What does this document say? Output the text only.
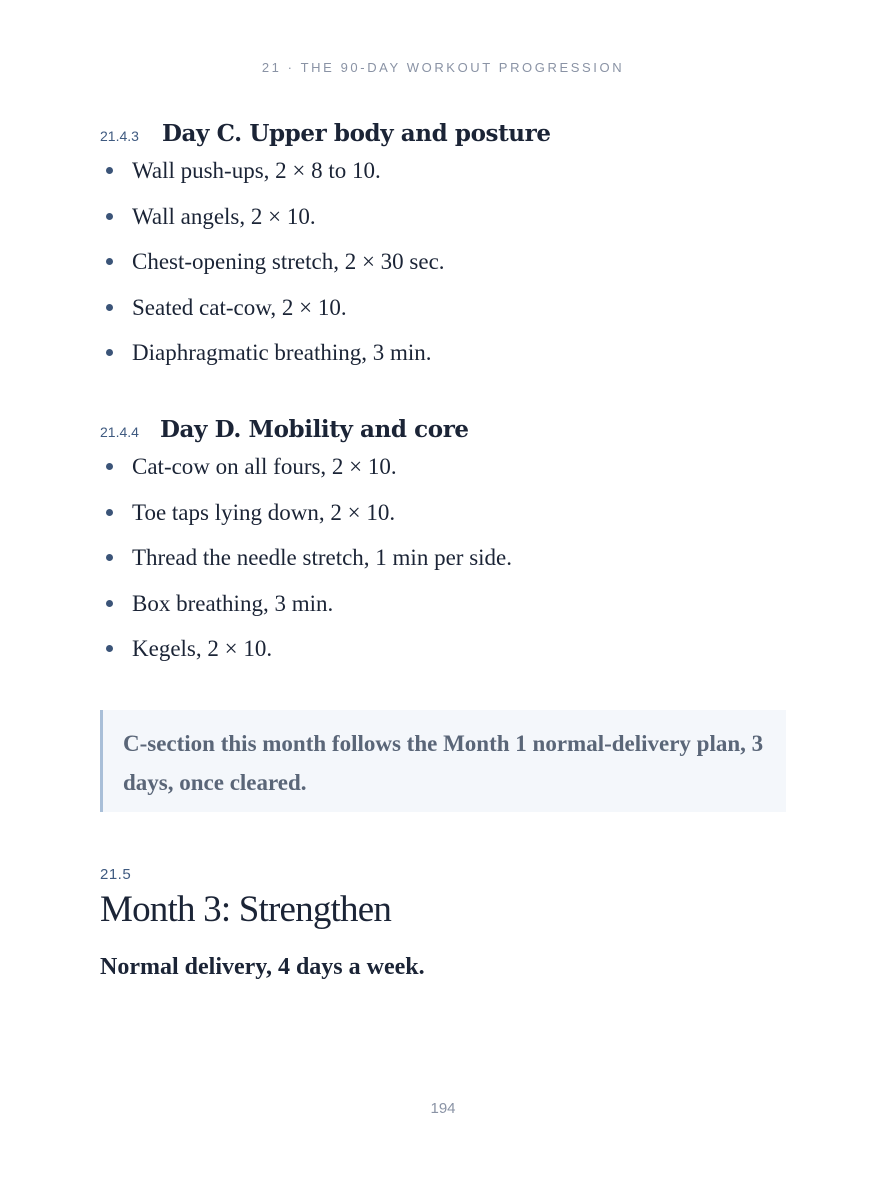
21 · THE 90-DAY WORKOUT PROGRESSION
21.4.3	Day C. Upper body and posture
Wall push-ups, 2 × 8 to 10.
Wall angels, 2 × 10.
Chest-opening stretch, 2 × 30 sec.
Seated cat-cow, 2 × 10.
Diaphragmatic breathing, 3 min.
21.4.4 Day D. Mobility and core
Cat-cow on all fours, 2 × 10.
Toe taps lying down, 2 × 10.
Thread the needle stretch, 1 min per side.
Box breathing, 3 min.
Kegels, 2 × 10.
C-section this month follows the Month 1 normal-delivery plan, 3 days, once cleared.
21.5
Month 3: Strengthen
Normal delivery, 4 days a week.
194
